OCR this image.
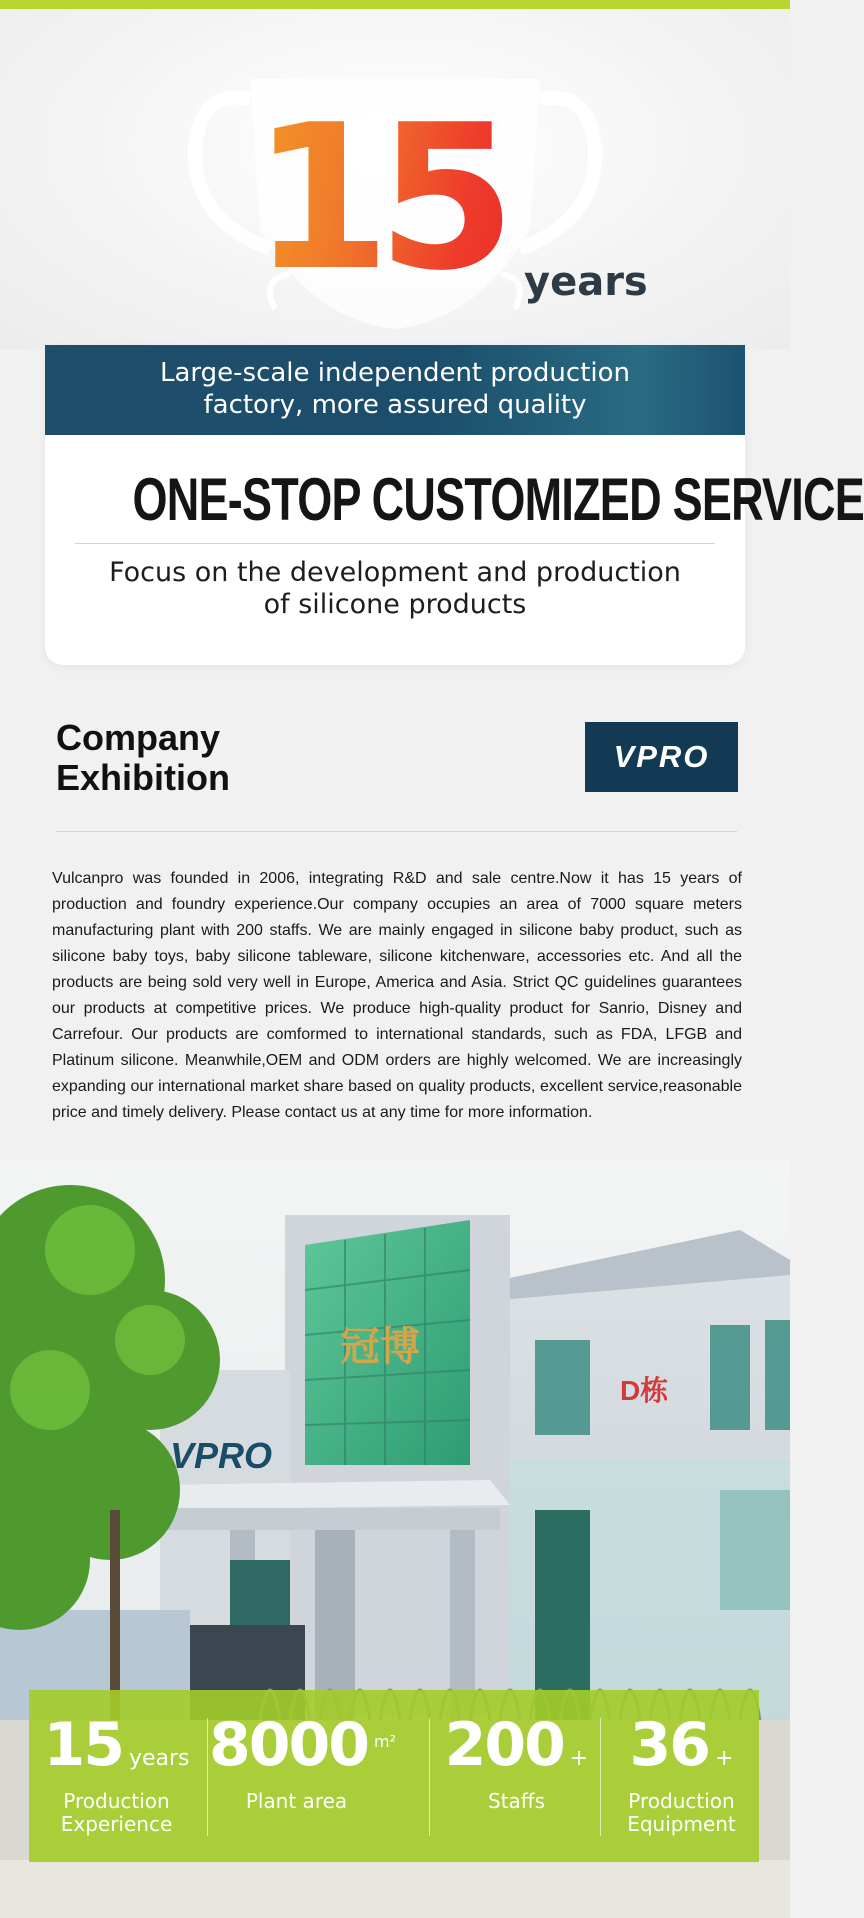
15 years
Large-scale independent production
factory, more assured quality
ONE-STOP CUSTOMIZED SERVICE
Focus on the development and production
of silicone products
Company
Exhibition
VPRO

Vulcanpro was founded in 2006, integrating R&D and sale centre.Now it has 15 years of production and foundry experience.Our company occupies an area of 7000 square meters manufacturing plant with 200 staffs. We are mainly engaged in silicone baby product, such as silicone baby toys, baby silicone tableware, silicone kitchenware, accessories etc. And all the products are being sold very well in Europe, America and Asia. Strict QC guidelines guarantees our products at competitive prices. We produce high-quality product for Sanrio, Disney and Carrefour. Our products are comformed to international standards, such as FDA, LFGB and Platinum silicone. Meanwhile,OEM and ODM orders are highly welcomed. We are increasingly expanding our international market share based on quality products, excellent service,reasonable price and timely delivery. Please contact us at any time for more information.

D栋
冠博
VPRO
15 years
Production
Experience
8000 m²
Plant area
200 +
Staffs
36 +
Production
Equipment
